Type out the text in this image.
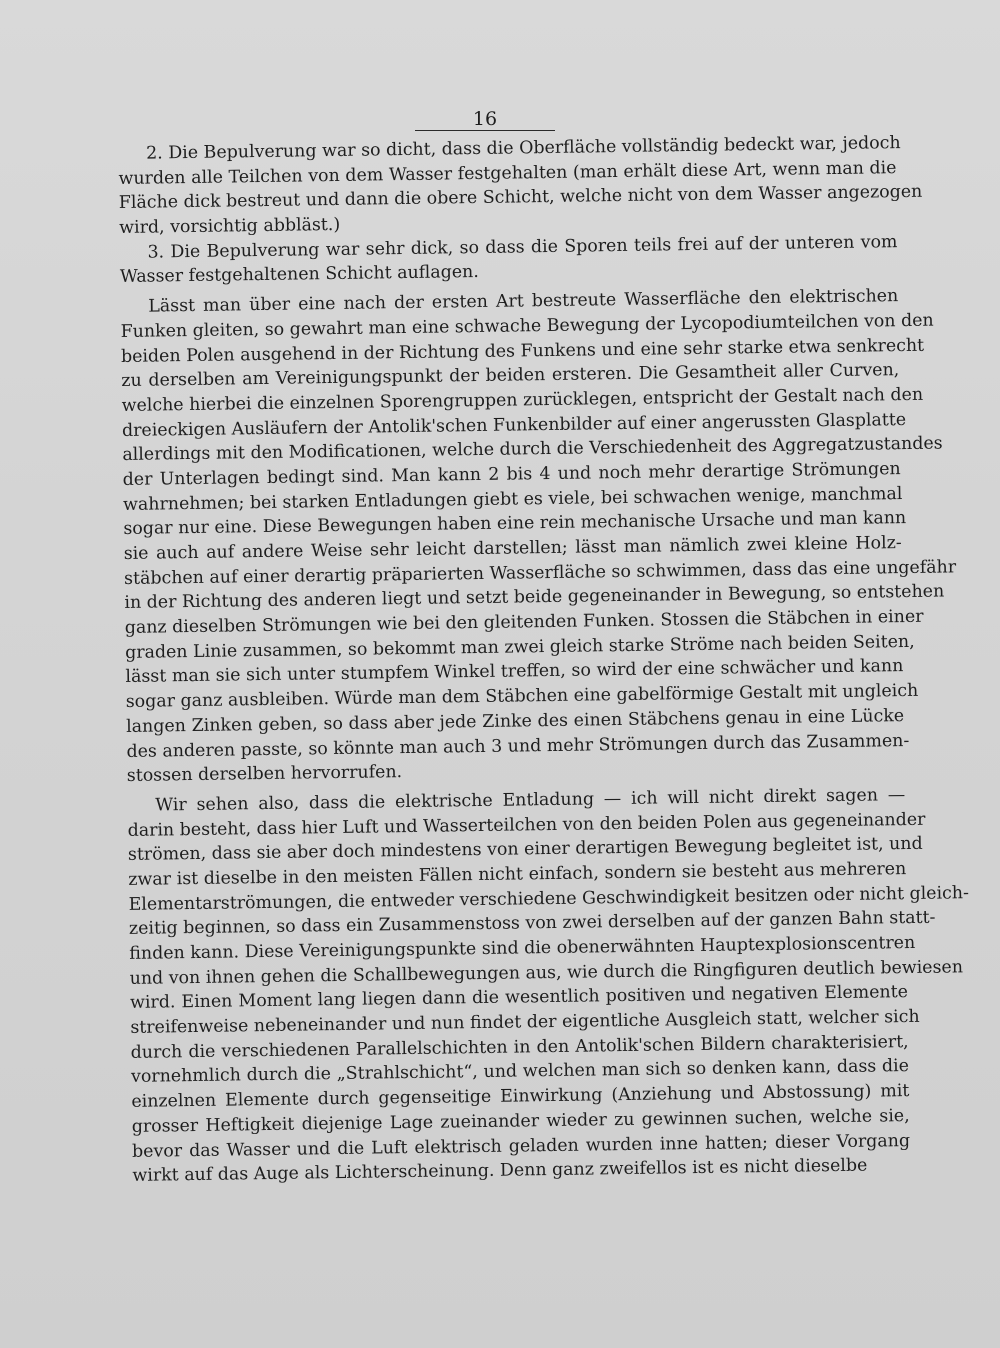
16
2. Die Bepulverung war so dicht, dass die Oberfläche vollständig bedeckt war, jedoch
wurden alle Teilchen von dem Wasser festgehalten (man erhält diese Art, wenn man die
Fläche dick bestreut und dann die obere Schicht, welche nicht von dem Wasser angezogen
wird, vorsichtig abbläst.)
3. Die Bepulverung war sehr dick, so dass die Sporen teils frei auf der unteren vom
Wasser festgehaltenen Schicht auflagen.
Lässt man über eine nach der ersten Art bestreute Wasserfläche den elektrischen
Funken gleiten, so gewahrt man eine schwache Bewegung der Lycopodiumteilchen von den
beiden Polen ausgehend in der Richtung des Funkens und eine sehr starke etwa senkrecht
zu derselben am Vereinigungspunkt der beiden ersteren. Die Gesamtheit aller Curven,
welche hierbei die einzelnen Sporengruppen zurücklegen, entspricht der Gestalt nach den
dreieckigen Ausläufern der Antolik'schen Funkenbilder auf einer angerussten Glasplatte
allerdings mit den Modificationen, welche durch die Verschiedenheit des Aggregatzustandes
der Unterlagen bedingt sind. Man kann 2 bis 4 und noch mehr derartige Strömungen
wahrnehmen; bei starken Entladungen giebt es viele, bei schwachen wenige, manchmal
sogar nur eine. Diese Bewegungen haben eine rein mechanische Ursache und man kann
sie auch auf andere Weise sehr leicht darstellen; lässt man nämlich zwei kleine Holz-
stäbchen auf einer derartig präparierten Wasserfläche so schwimmen, dass das eine ungefähr
in der Richtung des anderen liegt und setzt beide gegeneinander in Bewegung, so entstehen
ganz dieselben Strömungen wie bei den gleitenden Funken. Stossen die Stäbchen in einer
graden Linie zusammen, so bekommt man zwei gleich starke Ströme nach beiden Seiten,
lässt man sie sich unter stumpfem Winkel treffen, so wird der eine schwächer und kann
sogar ganz ausbleiben. Würde man dem Stäbchen eine gabelförmige Gestalt mit ungleich
langen Zinken geben, so dass aber jede Zinke des einen Stäbchens genau in eine Lücke
des anderen passte, so könnte man auch 3 und mehr Strömungen durch das Zusammen-
stossen derselben hervorrufen.
Wir sehen also, dass die elektrische Entladung — ich will nicht direkt sagen —
darin besteht, dass hier Luft und Wasserteilchen von den beiden Polen aus gegeneinander
strömen, dass sie aber doch mindestens von einer derartigen Bewegung begleitet ist, und
zwar ist dieselbe in den meisten Fällen nicht einfach, sondern sie besteht aus mehreren
Elementarströmungen, die entweder verschiedene Geschwindigkeit besitzen oder nicht gleich-
zeitig beginnen, so dass ein Zusammenstoss von zwei derselben auf der ganzen Bahn statt-
finden kann. Diese Vereinigungspunkte sind die obenerwähnten Hauptexplosionscentren
und von ihnen gehen die Schallbewegungen aus, wie durch die Ringfiguren deutlich bewiesen
wird. Einen Moment lang liegen dann die wesentlich positiven und negativen Elemente
streifenweise nebeneinander und nun findet der eigentliche Ausgleich statt, welcher sich
durch die verschiedenen Parallelschichten in den Antolik'schen Bildern charakterisiert,
vornehmlich durch die „Strahlschicht“, und welchen man sich so denken kann, dass die
einzelnen Elemente durch gegenseitige Einwirkung (Anziehung und Abstossung) mit
grosser Heftigkeit diejenige Lage zueinander wieder zu gewinnen suchen, welche sie,
bevor das Wasser und die Luft elektrisch geladen wurden inne hatten; dieser Vorgang
wirkt auf das Auge als Lichterscheinung. Denn ganz zweifellos ist es nicht dieselbe
